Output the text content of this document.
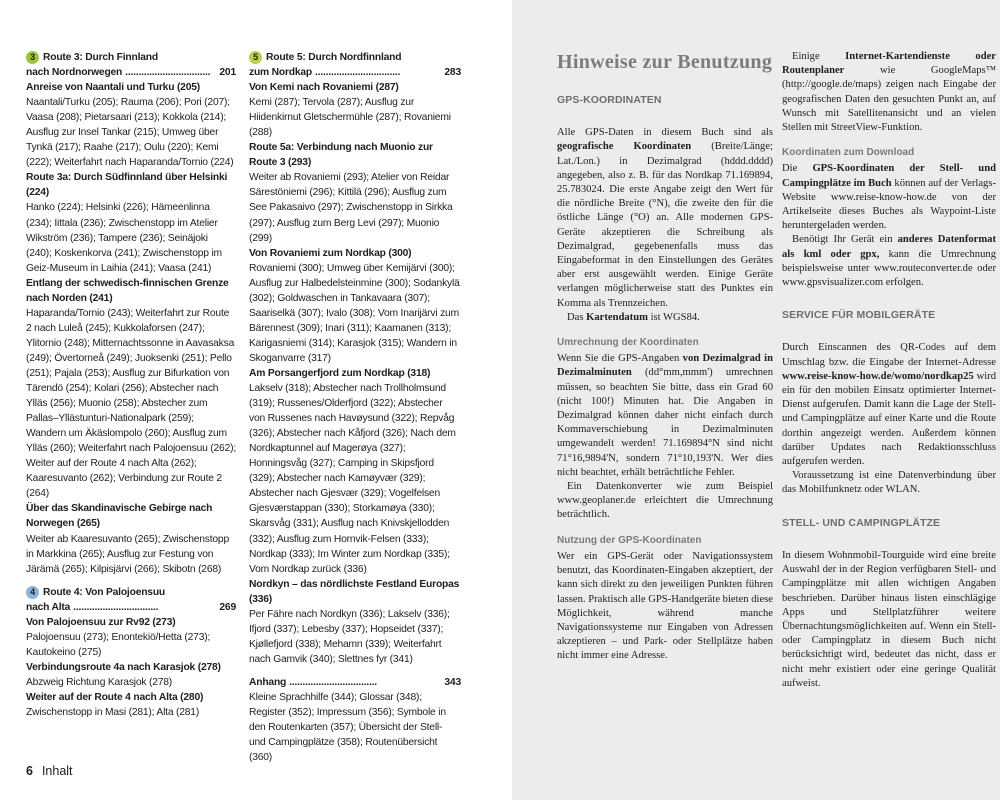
3 Route 3: Durch Finnland
nach Nordnorwegen ................................ 201
Anreise von Naantali und Turku (205)
Naantali/Turku (205); Rauma (206); Pori (207); Vaasa (208); Pietarsaari (213); Kokkola (214); Ausflug zur Insel Tankar (215); Umweg über Tynkä (217); Raahe (217); Oulu (220); Kemi (222); Weiterfahrt nach Haparanda/Tornio (224)
Route 3a: Durch Südfinnland über Helsinki (224)
Hanko (224); Helsinki (226); Hämeenlinna (234); Iittala (236); Zwischenstopp im Atelier Wikström (236); Tampere (236); Seinäjoki (240); Koskenkorva (241); Zwischenstopp im Geiz-Museum in Laihia (241); Vaasa (241)
Entlang der schwedisch-finnischen Grenze nach Norden (241)
Haparanda/Tornio (243); Weiterfahrt zur Route 2 nach Luleå (245); Kukkolaforsen (247); Ylitornio (248); Mitternachtssonne in Aavasaksa (249); Övertorneå (249); Juoksenki (251); Pello (251); Pajala (253); Ausflug zur Bifurkation von Tärendö (254); Kolari (256); Abstecher nach Ylläs (256); Muonio (258); Abstecher zum Pallas–Yllästunturi-Nationalpark (259); Wandern um Äkäslompolo (260); Ausflug zum Ylläs (260); Weiterfahrt nach Palojoensuu (262); Weiter auf der Route 4 nach Alta (262); Kaaresuvanto (262); Verbindung zur Route 2 (264)
Über das Skandinavische Gebirge nach Norwegen (265)
Weiter ab Kaaresuvanto (265); Zwischenstopp in Markkina (265); Ausflug zur Festung von Järämä (265); Kilpisjärvi (266); Skibotn (268)
4 Route 4: Von Palojoensuu
nach Alta ................................	269
Von Palojoensuu zur Rv92 (273)
Palojoensuu (273); Enontekiö/Hetta (273); Kautokeino (275)
Verbindungsroute 4a nach Karasjok (278)
Abzweig Richtung Karasjok (278)
Weiter auf der Route 4 nach Alta (280)
Zwischenstopp in Masi (281); Alta (281)
5 Route 5: Durch Nordfinnland
zum Nordkap ................................	283
Von Kemi nach Rovaniemi (287)
Kemi (287); Tervola (287); Ausflug zur Hiidenkirnut Gletschermühle (287); Rovaniemi (288)
Route 5a: Verbindung nach Muonio zur Route 3 (293)
Weiter ab Rovaniemi (293); Atelier von Reidar Särestöniemi (296); Kittilä (296); Ausflug zum See Pakasaivo (297); Zwischenstopp in Sirkka (297); Ausflug zum Berg Levi (297); Muonio (299)
Von Rovaniemi zum Nordkap (300)
Rovaniemi (300); Umweg über Kemijärvi (300); Ausflug zur Halbedelsteinmine (300); Sodankylä (302); Goldwaschen in Tankavaara (307); Saariselkä (307); Ivalo (308); Vom Inarijärvi zum Bärennest (309); Inari (311); Kaamanen (313); Karigasniemi (314); Karasjok (315); Wandern in Skoganvarre (317)
Am Porsangerfjord zum Nordkap (318)
Lakselv (318); Abstecher nach Trollholmsund (319); Russenes/Olderfjord (322); Abstecher von Russenes nach Havøysund (322); Repvåg (326); Abstecher nach Kåfjord (326); Nach dem Nordkaptunnel auf Magerøya (327); Honningsvåg (327); Camping in Skipsfjord (329); Abstecher nach Kamøyvær (329); Abstecher nach Gjesvær (329); Vogelfelsen Gjesværstappan (330); Storkamøya (330); Skarsvåg (331); Ausflug nach Knivskjellodden (332); Ausflug zum Hornvik-Felsen (333); Nordkap (333); Im Winter zum Nordkap (335); Vom Nordkap zurück (336)
Nordkyn – das nördlichste Festland Europas (336)
Per Fähre nach Nordkyn (336); Lakselv (336); Ifjord (337); Lebesby (337); Hopseidet (337); Kjøllefjord (338); Mehamn (339); Weiterfahrt nach Gamvik (340); Slettnes fyr (341)
Anhang .................................	343
Kleine Sprachhilfe (344); Glossar (348); Register (352); Impressum (356); Symbole in den Routenkarten (357); Übersicht der Stell- und Campingplätze (358); Routenübersicht (360)
6 Inhalt
Hinweise zur Benutzung
GPS-KOORDINATEN

Alle GPS-Daten in diesem Buch sind als geografische Koordinaten (Breite/Länge; Lat./Lon.) in Dezimalgrad (hddd.dddd) angegeben, also z. B. für das Nordkap 71.169894, 25.783024. Die erste Angabe zeigt den Wert für die nördliche Breite (°N), die zweite den für die östliche Länge (°O) an. Alle modernen GPS-Geräte akzeptieren die Schreibung als Dezimalgrad, gegebenenfalls muss das Eingabeformat in den Einstellungen des Gerätes aber erst ausgewählt werden. Einige Geräte verlangen möglicherweise statt des Punktes ein Komma als Trennzeichen.

Das Kartendatum ist WGS84.

Umrechnung der Koordinaten

Wenn Sie die GPS-Angaben von Dezimalgrad in Dezimalminuten (dd°mm,mmm') umrechnen müssen, so beachten Sie bitte, dass ein Grad 60 (nicht 100!) Minuten hat. Die Angaben in Dezimalgrad können daher nicht einfach durch Kommaverschiebung in Dezimalminuten umgewandelt werden! 71.169894°N sind nicht 71°16,9894'N, sondern 71°10,193'N. Wer dies nicht beachtet, erhält beträchtliche Fehler.

Ein Datenkonverter wie zum Beispiel www.geoplaner.de erleichtert die Umrechnung beträchtlich.

Nutzung der GPS-Koordinaten

Wer ein GPS-Gerät oder Navigationssystem benutzt, das Koordinaten-Eingaben akzeptiert, der kann sich direkt zu den jeweiligen Punkten führen lassen. Praktisch alle GPS-Handgeräte bieten diese Möglichkeit, während manche Navigationssysteme nur Eingaben von Adressen akzeptieren – und Park- oder Stellplätze haben nicht immer eine Adresse.

Einige Internet-Kartendienste oder Routenplaner wie GoogleMaps™ (http://google.de/maps) zeigen nach Eingabe der geografischen Daten den gesuchten Punkt an, auf Wunsch mit Satellitenansicht und an vielen Stellen mit StreetView-Funktion.

Koordinaten zum Download

Die GPS-Koordinaten der Stell- und Campingplätze im Buch können auf der Verlags-Website www.reise-know-how.de von der Artikelseite dieses Buches als Waypoint-Liste heruntergeladen werden.

Benötigt Ihr Gerät ein anderes Datenformat als kml oder gpx, kann die Umrechnung beispielsweise unter www.routeconverter.de oder www.gpsvisualizer.com erfolgen.

SERVICE FÜR MOBILGERÄTE

Durch Einscannen des QR-Codes auf dem Umschlag bzw. die Eingabe der Internet-Adresse www.reise-know-how.de/womo/nordkap25 wird ein für den mobilen Einsatz optimierter Internet-Dienst aufgerufen. Damit kann die Lage der Stell- und Campingplätze auf einer Karte und die Route dorthin angezeigt werden. Außerdem können darüber Updates nach Redaktionsschluss aufgerufen werden.

Voraussetzung ist eine Datenverbindung über das Mobilfunknetz oder WLAN.

STELL- UND CAMPINGPLÄTZE

In diesem Wohnmobil-Tourguide wird eine breite Auswahl der in der Region verfügbaren Stell- und Campingplätze mit allen wichtigen Angaben beschrieben. Darüber hinaus listen einschlägige Apps und Stellplatzführer weitere Übernachtungsmöglichkeiten auf. Wenn ein Stell- oder Campingplatz in diesem Buch nicht berücksichtigt wird, bedeutet das nicht, dass er nicht mehr existiert oder eine geringe Qualität aufweist.
